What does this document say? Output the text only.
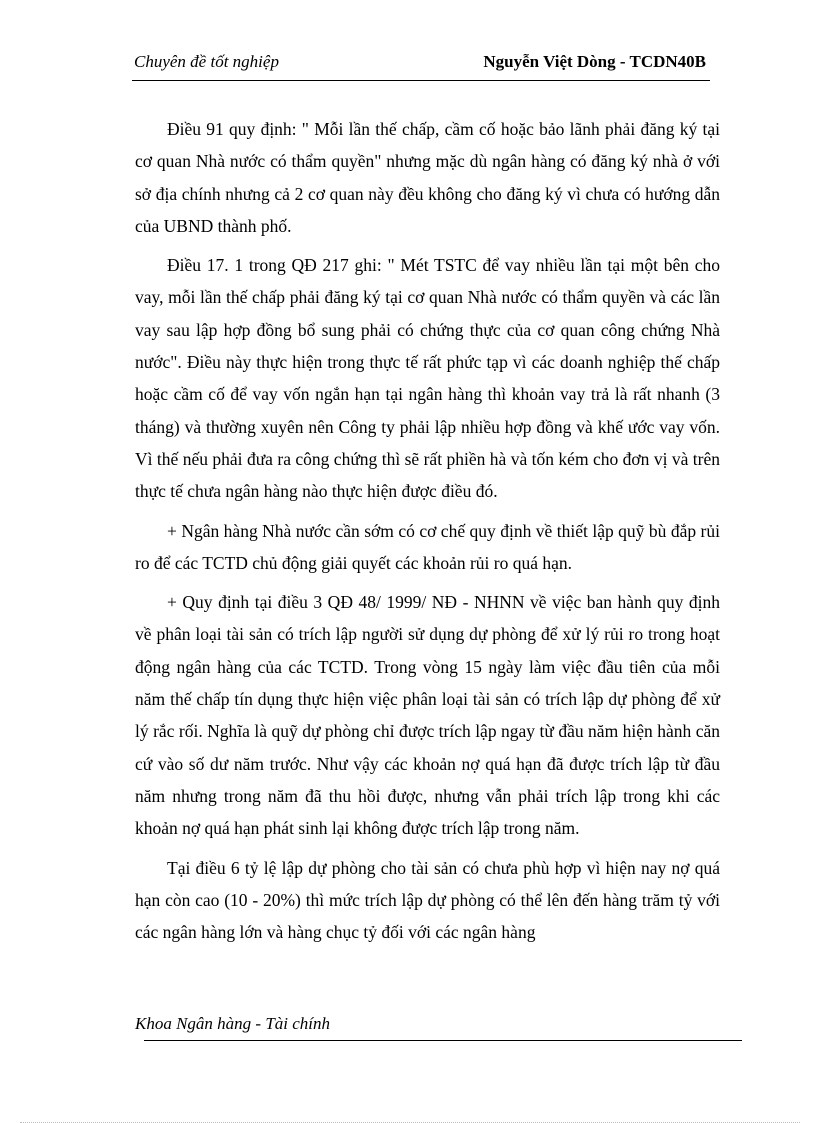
Chuyên đề tốt nghiệp	Nguyễn Việt Dòng - TCDN40B

Điều 91 quy định: " Mỗi lần thế chấp, cầm cố hoặc bảo lãnh phải đăng ký tại cơ quan Nhà nước có thẩm quyền" nhưng mặc dù ngân hàng có đăng ký nhà ở với sở địa chính nhưng cả 2 cơ quan này đều không cho đăng ký vì chưa có hướng dẫn của UBND thành phố.

Điều 17. 1 trong QĐ 217 ghi: " Mét TSTC để vay nhiều lần tại một bên cho vay, mỗi lần thế chấp phải đăng ký tại cơ quan Nhà nước có thẩm quyền và các lần vay sau lập hợp đồng bổ sung phải có chứng thực của cơ quan công chứng Nhà nước". Điều này thực hiện trong thực tế rất phức tạp vì các doanh nghiệp thế chấp hoặc cầm cố để vay vốn ngắn hạn tại ngân hàng thì khoản vay trả là rất nhanh (3 tháng) và thường xuyên nên Công ty phải lập nhiều hợp đồng và khế ước vay vốn. Vì thế nếu phải đưa ra công chứng thì sẽ rất phiền hà và tốn kém cho đơn vị và trên thực tế chưa ngân hàng nào thực hiện được điều đó.

+ Ngân hàng Nhà nước cần sớm có cơ chế quy định về thiết lập quỹ bù đắp rủi ro để các TCTD chủ động giải quyết các khoản rủi ro quá hạn.

+ Quy định tại điều 3 QĐ 48/ 1999/ NĐ - NHNN về việc ban hành quy định về phân loại tài sản có trích lập người sử dụng dự phòng để xử lý rủi ro trong hoạt động ngân hàng của các TCTD. Trong vòng 15 ngày làm việc đầu tiên của mỗi năm thế chấp tín dụng thực hiện việc phân loại tài sản có trích lập dự phòng để xử lý rắc rối. Nghĩa là quỹ dự phòng chỉ được trích lập ngay từ đầu năm hiện hành căn cứ vào số dư năm trước. Như vậy các khoản nợ quá hạn đã được trích lập từ đầu năm nhưng trong năm đã thu hồi được, nhưng vẫn phải trích lập trong khi các khoản nợ quá hạn phát sinh lại không được trích lập trong năm.

Tại điều 6 tỷ lệ lập dự phòng cho tài sản có chưa phù hợp vì hiện nay nợ quá hạn còn cao (10 - 20%) thì mức trích lập dự phòng có thể lên đến hàng trăm tỷ với các ngân hàng lớn và hàng chục tỷ đối với các ngân hàng

Khoa Ngân hàng - Tài chính
